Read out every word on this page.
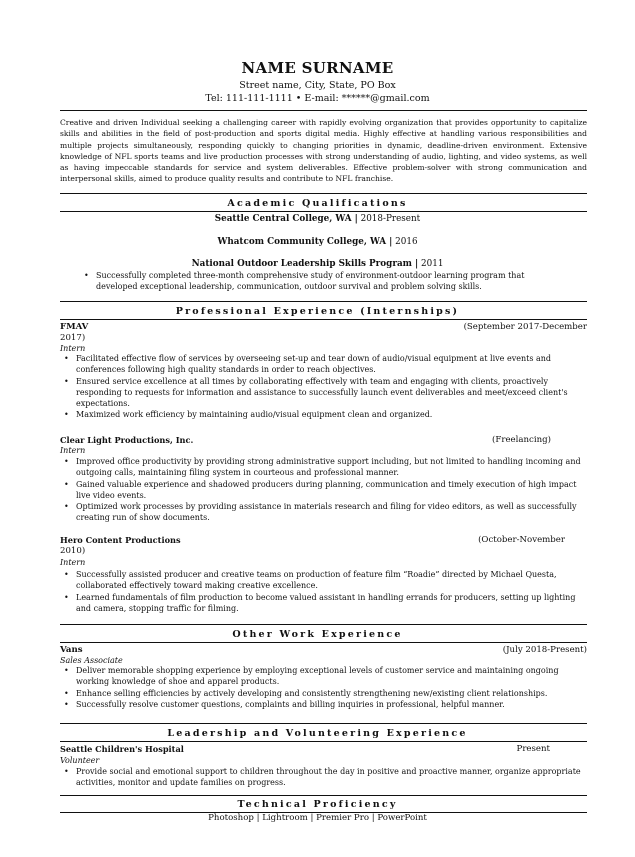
NAME SURNAME
Street name, City, State, PO Box
Tel: 111-111-1111 • E-mail: ******@gmail.com
Creative and driven Individual seeking a challenging career with rapidly evolving organization that provides opportunity to capitalize skills and abilities in the field of post-production and sports digital media. Highly effective at handling various responsibilities and multiple projects simultaneously, responding quickly to changing priorities in dynamic, deadline-driven environment. Extensive knowledge of NFL sports teams and live production processes with strong understanding of audio, lighting, and video systems, as well as having impeccable standards for service and system deliverables. Effective problem-solver with strong communication and interpersonal skills, aimed to produce quality results and contribute to NFL franchise.
Academic Qualifications
Seattle Central College, WA | 2018-Present
Whatcom Community College, WA | 2016
National Outdoor Leadership Skills Program | 2011
• Successfully completed three-month comprehensive study of environment-outdoor learning program that developed exceptional leadership, communication, outdoor survival and problem solving skills.
Professional Experience (Internships)
FMAV	(September 2017-December
2017)
Intern
• Facilitated effective flow of services by overseeing set-up and tear down of audio/visual equipment at live events and conferences following high quality standards in order to reach objectives.
• Ensured service excellence at all times by collaborating effectively with team and engaging with clients, proactively responding to requests for information and assistance to successfully launch event deliverables and meet/exceed client's expectations.
• Maximized work efficiency by maintaining audio/visual equipment clean and organized.
Clear Light Productions, Inc.	(Freelancing)
Intern
• Improved office productivity by providing strong administrative support including, but not limited to handling incoming and outgoing calls, maintaining filing system in courteous and professional manner.
• Gained valuable experience and shadowed producers during planning, communication and timely execution of high impact live video events.
• Optimized work processes by providing assistance in materials research and filing for video editors, as well as successfully creating run of show documents.
Hero Content Productions	(October-November
2010)
Intern
• Successfully assisted producer and creative teams on production of feature film “Roadie” directed by Michael Questa, collaborated effectively toward making creative excellence.
• Learned fundamentals of film production to become valued assistant in handling errands for producers, setting up lighting and camera, stopping traffic for filming.
Other Work Experience
Vans	(July 2018-Present)
Sales Associate
• Deliver memorable shopping experience by employing exceptional levels of customer service and maintaining ongoing working knowledge of shoe and apparel products.
• Enhance selling efficiencies by actively developing and consistently strengthening new/existing client relationships.
• Successfully resolve customer questions, complaints and billing inquiries in professional, helpful manner.
Leadership and Volunteering Experience
Seattle Children's Hospital	Present
Volunteer
• Provide social and emotional support to children throughout the day in positive and proactive manner, organize appropriate activities, monitor and update families on progress.
Technical Proficiency
Photoshop | Lightroom | Premier Pro | PowerPoint
